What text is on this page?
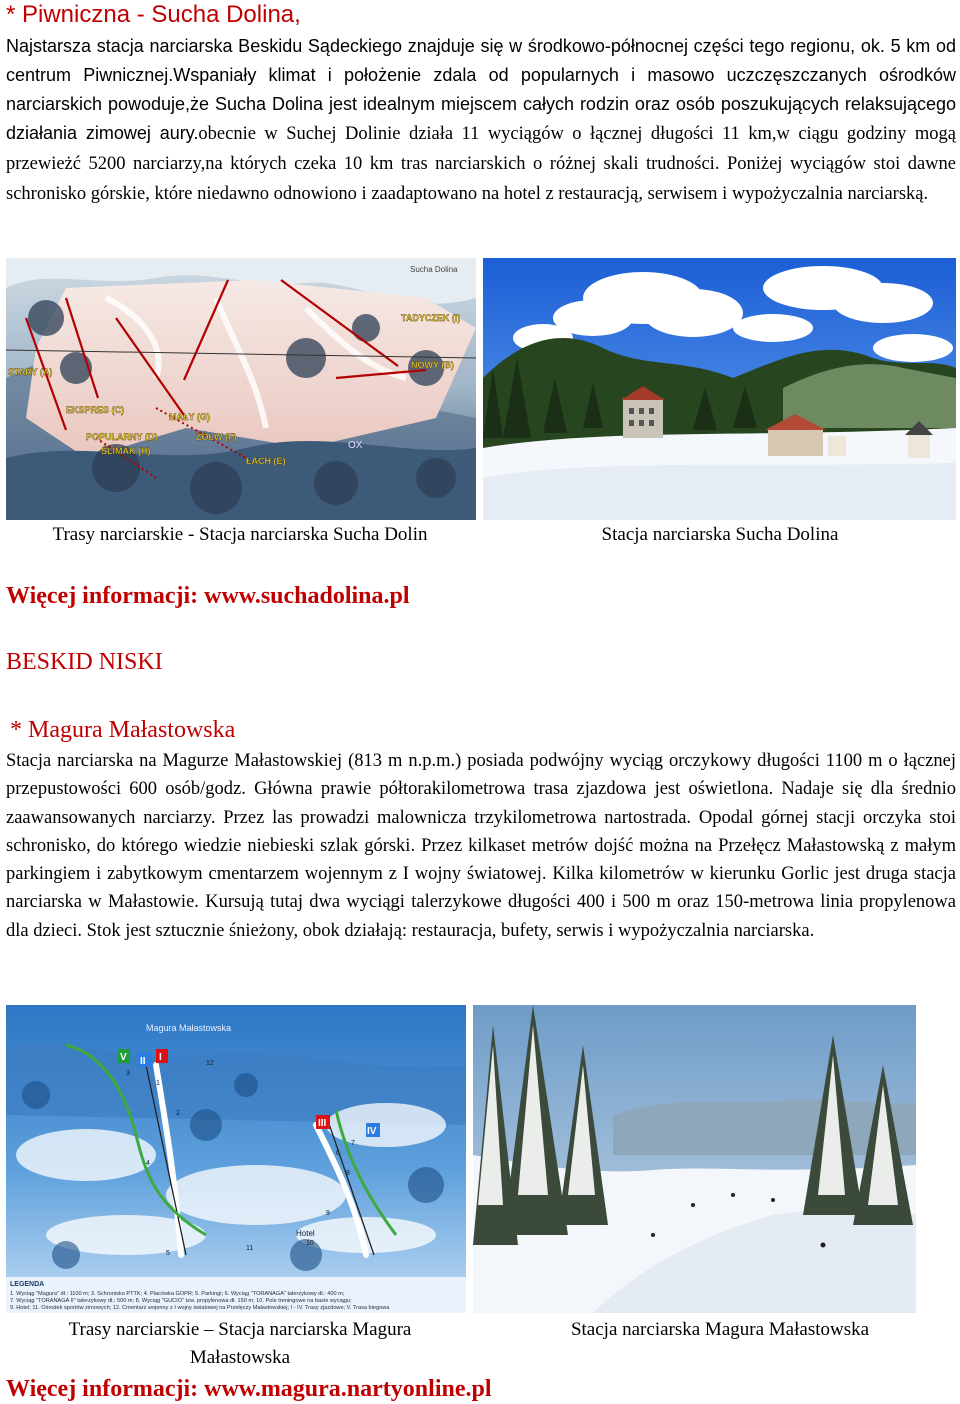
* Piwniczna - Sucha Dolina,
Najstarsza stacja narciarska Beskidu Sądeckiego znajduje się w środkowo-północnej części tego regionu, ok. 5 km od centrum Piwnicznej.Wspaniały klimat i położenie zdala od popularnych i masowo uczczęszczanych ośrodków narciarskich powoduje,że Sucha Dolina jest idealnym miejscem całych rodzin oraz osób poszukujących relaksującego działania zimowej aury.obecnie w Suchej Dolinie działa 11 wyciągów o łącznej długości 11 km,w ciągu godziny mogą przewieżć 5200 narciarzy,na których czeka 10 km tras narciarskich o różnej skali trudności. Poniżej wyciągów stoi dawne schronisko górskie, które niedawno odnowiono i zaadaptowano na hotel z restauracją, serwisem i wypożyczalnia narciarską.
TADYCZEK (I)
STARY (A)
NOWY (B)
EKSPRES (C)
MAŁY (G)
POPULARNY (D)	ŻÓŁW (F)
ŚLIMAK (H)
ŁACH (E)
OX
Sucha Dolina
Trasy narciarskie - Stacja narciarska Sucha Dolin	Stacja narciarska Sucha Dolina
Więcej informacji: www.suchadolina.pl
BESKID NISKI
* Magura Małastowska
Stacja narciarska na Magurze Małastowskiej (813 m n.p.m.) posiada podwójny wyciąg orczykowy długości 1100 m o łącznej przepustowości 600 osób/godz. Główna prawie półtorakilometrowa trasa zjazdowa jest oświetlona. Nadaje się dla średnio zaawansowanych narciarzy. Przez las prowadzi malownicza trzykilometrowa nartostrada. Opodal górnej stacji orczyka stoi schronisko, do którego wiedzie niebieski szlak górski. Przez kilkaset metrów dojść można na Przełęcz Małastowską z małym parkingiem i zabytkowym cmentarzem wojennym z I wojny światowej. Kilka kilometrów w kierunku Gorlic jest druga stacja narciarska w Małastowie. Kursują tutaj dwa wyciągi talerzykowe długości 400 i 500 m oraz 150-metrowa linia propylenowa dla dzieci. Stok jest sztucznie śnieżony, obok działają: restauracja, bufety, serwis i wypożyczalnia narciarska.
Magura Małastowska
I
II
III
IV
V
1
2
3
4
5
6
7
8
9
10
11
12
Hotel
LEGENDA
1. Wyciąg "Magura" dł.: 1100 m; 3. Schronisko PTTK; 4. Placówka GOPR; 5. Parkingi; 6. Wyciąg "TORANAGA" talerzykowy dł.: 400 m;
7. Wyciąg "TORANAGA II" talerzykowy dł.: 500 m; 8. Wyciąg "GUCIO" tzw. propylenowa dł. 150 m; 10. Pole treningowe na bazie wyciągu;
9. Hotel; 11. Ośrodek sportów zimowych; 12. Cmentarz wojenny z I wojny światowej na Przełęczy Małastowskiej; I - IV. Trasy zjazdowe; V. Trasa biegowa
Trasy narciarskie – Stacja narciarska Magura Małastowska
Stacja narciarska Magura Małastowska
Więcej informacji: www.magura.nartyonline.pl
